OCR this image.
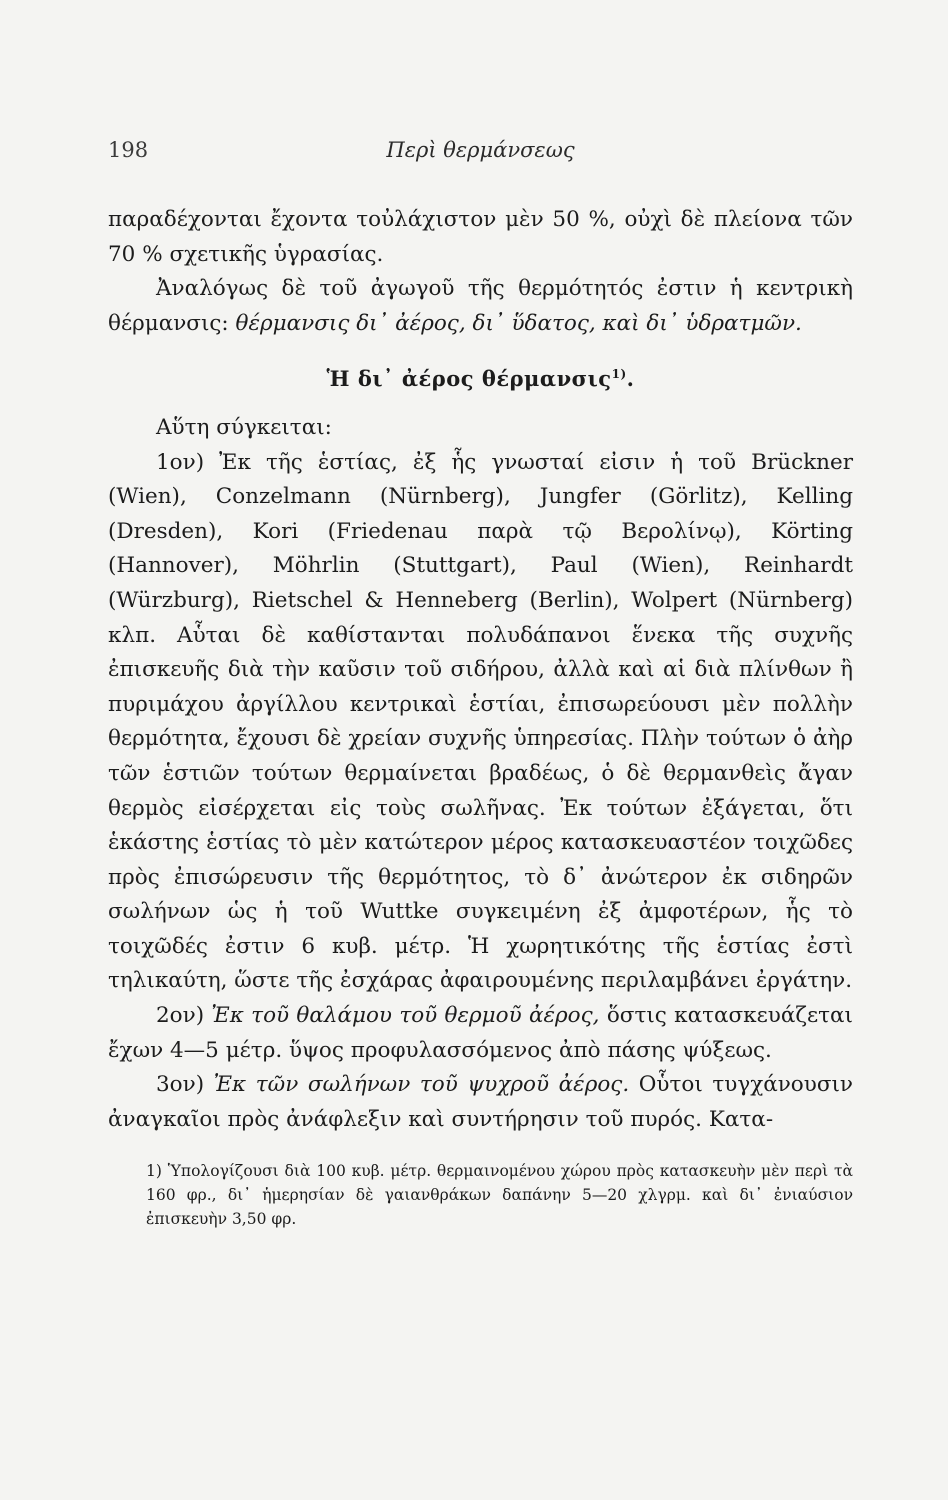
198	Περὶ θερμάνσεως

παραδέχονται ἔχοντα τοὐλάχιστον μὲν 50 %, οὐχὶ δὲ πλείονα τῶν 70 % σχετικῆς ὑγρασίας.

Ἀναλόγως δὲ τοῦ ἀγωγοῦ τῆς θερμότητός ἐστιν ἡ κεντρικὴ θέρμανσις: θέρμανσις δι᾽ ἀέρος, δι᾽ ὕδατος, καὶ δι᾽ ὑδρατμῶν.

Ἡ δι᾽ ἀέρος θέρμανσις$^{1)}$.

Αὕτη σύγκειται:

1ον) Ἐκ τῆς ἑστίας, ἐξ ἧς γνωσταί εἰσιν ἡ τοῦ Brückner (Wien), Conzelmann (Nürnberg), Jungfer (Görlitz), Kelling (Dresden), Kori (Friedenau παρὰ τῷ Βερολίνῳ), Körting (Hannover), Möhrlin (Stuttgart), Paul (Wien), Reinhardt (Würzburg), Rietschel & Henneberg (Berlin), Wolpert (Nürnberg) κλπ. Αὗται δὲ καθίστανται πολυδάπανοι ἕνεκα τῆς συχνῆς ἐπισκευῆς διὰ τὴν καῦσιν τοῦ σιδήρου, ἀλλὰ καὶ αἱ διὰ πλίνθων ἢ πυριμάχου ἀργίλλου κεντρικαὶ ἑστίαι, ἐπισωρεύουσι μὲν πολλὴν θερμότητα, ἔχουσι δὲ χρείαν συχνῆς ὑπηρεσίας. Πλὴν τούτων ὁ ἀὴρ τῶν ἑστιῶν τούτων θερμαίνεται βραδέως, ὁ δὲ θερμανθεὶς ἄγαν θερμὸς εἰσέρχεται εἰς τοὺς σωλῆνας. Ἐκ τούτων ἐξάγεται, ὅτι ἑκάστης ἑστίας τὸ μὲν κατώτερον μέρος κατασκευαστέον τοιχῶδες πρὸς ἐπισώρευσιν τῆς θερμότητος, τὸ δ᾽ ἀνώτερον ἐκ σιδηρῶν σωλήνων ὡς ἡ τοῦ Wuttke συγκειμένη ἐξ ἀμφοτέρων, ἧς τὸ τοιχῶδές ἐστιν 6 κυβ. μέτρ. Ἡ χωρητικότης τῆς ἑστίας ἐστὶ τηλικαύτη, ὥστε τῆς ἐσχάρας ἀφαιρουμένης περιλαμβάνει ἐργάτην.

2ον) Ἐκ τοῦ θαλάμου τοῦ θερμοῦ ἀέρος, ὅστις κατασκευάζεται ἔχων 4—5 μέτρ. ὕψος προφυλασσόμενος ἀπὸ πάσης ψύξεως.

3ον) Ἐκ τῶν σωλήνων τοῦ ψυχροῦ ἀέρος. Οὗτοι τυγχάνουσιν ἀναγκαῖοι πρὸς ἀνάφλεξιν καὶ συντήρησιν τοῦ πυρός. Κατα-

1) Ὑπολογίζουσι διὰ 100 κυβ. μέτρ. θερμαινομένου χώρου πρὸς κατασκευὴν μὲν περὶ τὰ 160 φρ., δι᾽ ἡμερησίαν δὲ γαιανθράκων δαπάνην 5—20 χλγρμ. καὶ δι᾽ ἐνιαύσιον ἐπισκευὴν 3,50 φρ.
